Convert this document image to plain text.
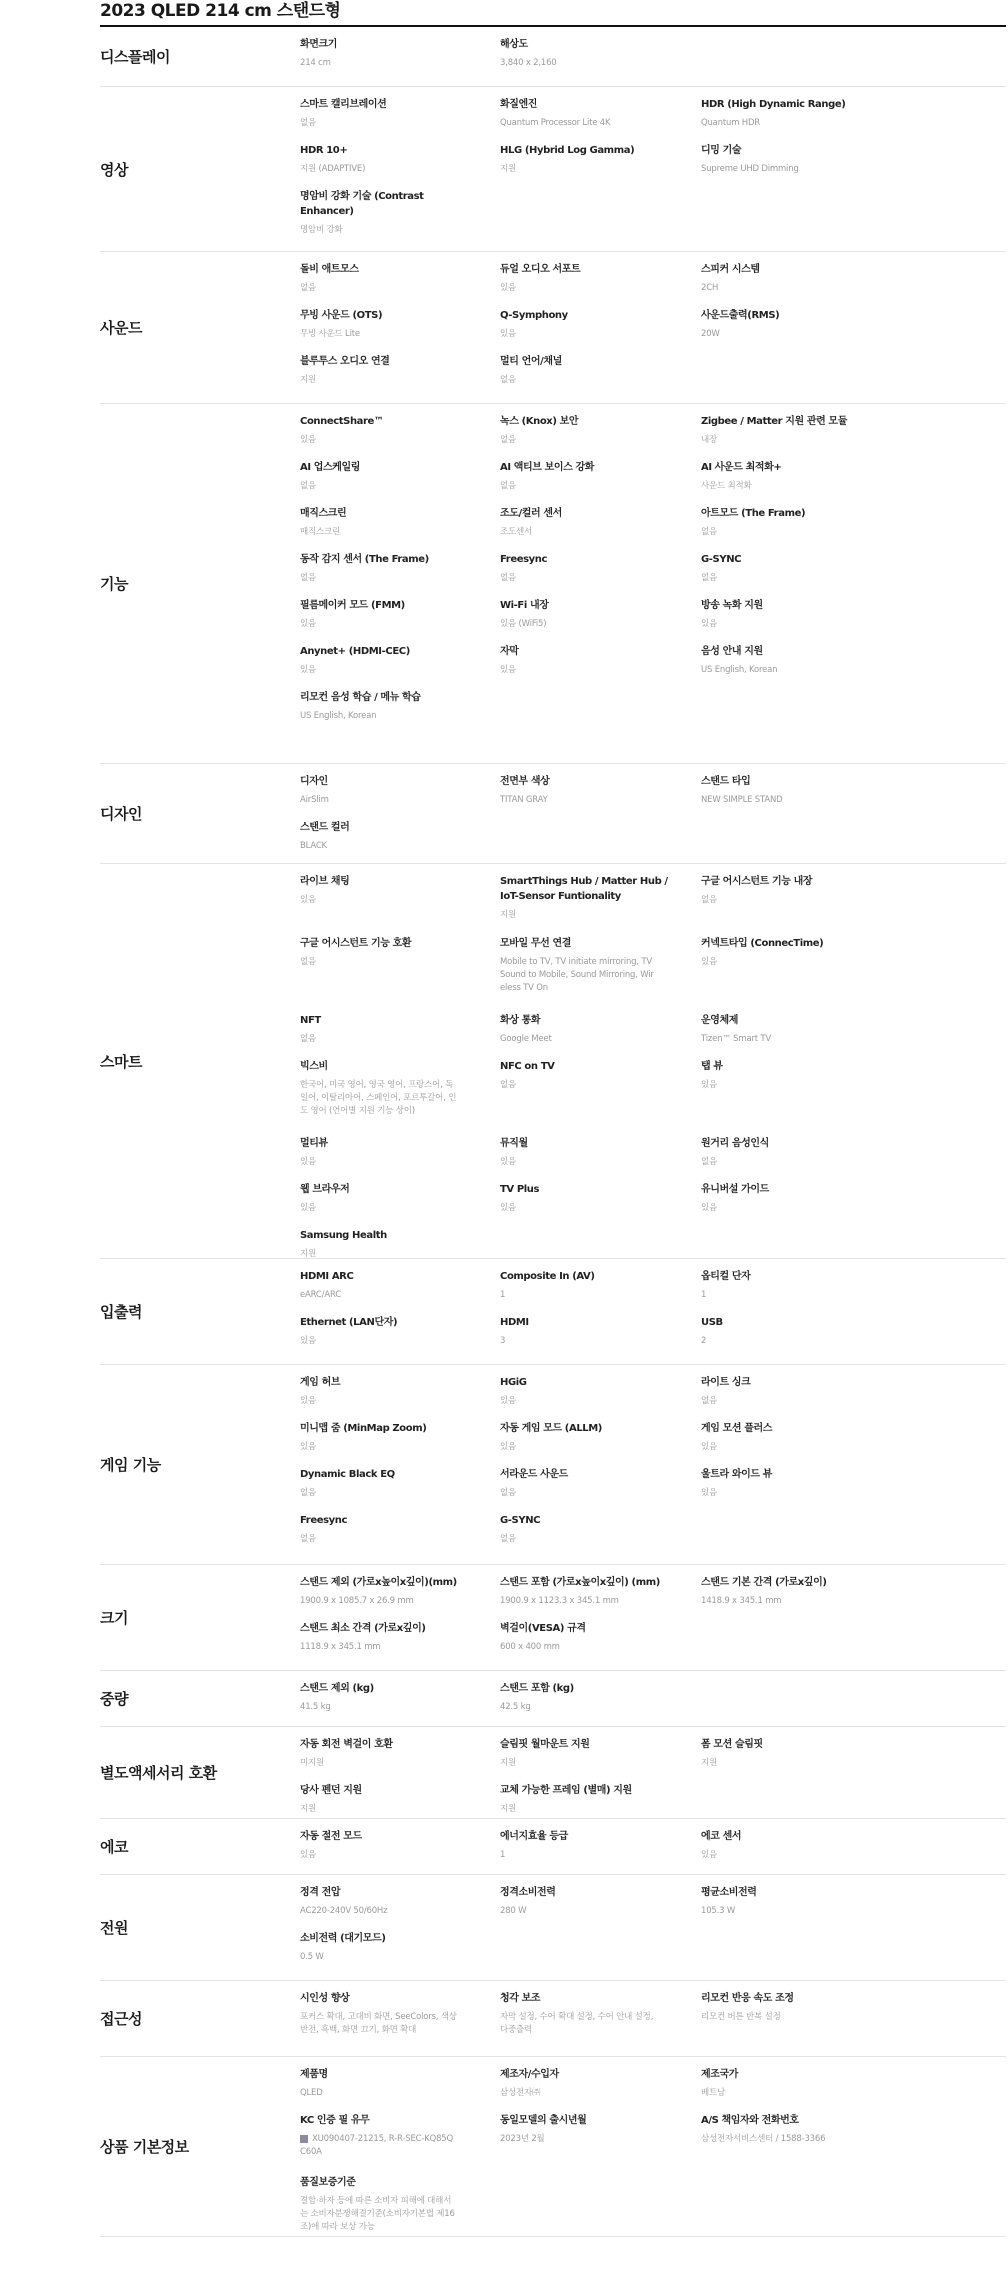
2023 QLED 214 cm 스탠드형
디스플레이
화면크기
214 cm
해상도
3,840 x 2,160
영상
스마트 캘리브레이션
없음
화질엔진
Quantum Processor Lite 4K
HDR (High Dynamic Range)
Quantum HDR
HDR 10+
지원 (ADAPTIVE)
HLG (Hybrid Log Gamma)
지원
디밍 기술
Supreme UHD Dimming
명암비 강화 기술 (Contrast
Enhancer)
명암비 강화
사운드
돌비 애트모스
없음
듀얼 오디오 서포트
있음
스피커 시스템
2CH
무빙 사운드 (OTS)
무빙 사운드 Lite
Q-Symphony
있음
사운드출력(RMS)
20W
블루투스 오디오 연결
지원
멀티 언어/채널
없음
기능
ConnectShare™
있음
녹스 (Knox) 보안
없음
Zigbee / Matter 지원 관련 모듈
내장
AI 업스케일링
없음
AI 액티브 보이스 강화
없음
AI 사운드 최적화+
사운드 최적화
매직스크린
매직스크린
조도/컬러 센서
조도센서
아트모드 (The Frame)
없음
동작 감지 센서 (The Frame)
없음
Freesync
없음
G-SYNC
없음
필름메이커 모드 (FMM)
있음
Wi-Fi 내장
있음 (WiFi5)
방송 녹화 지원
있음
Anynet+ (HDMI-CEC)
있음
자막
있음
음성 안내 지원
US English, Korean
리모컨 음성 학습 / 메뉴 학습
US English, Korean
디자인
디자인
AirSlim
전면부 색상
TITAN GRAY
스탠드 타입
NEW SIMPLE STAND
스탠드 컬러
BLACK
스마트
라이브 채팅
있음
SmartThings Hub / Matter Hub /
IoT-Sensor Funtionality
지원
구글 어시스턴트 기능 내장
없음
구글 어시스턴트 기능 호환
없음
모바일 무선 연결
Mobile to TV, TV initiate mirroring, TV
Sound to Mobile, Sound Mirroring, Wir
eless TV On
커넥트타입 (ConnecTime)
있음
NFT
없음
화상 통화
Google Meet
운영체제
Tizen™ Smart TV
빅스비
한국어, 미국 영어, 영국 영어, 프랑스어, 독
일어, 이탈리아어, 스페인어, 포르투갈어, 인
도 영어 (언어별 지원 기능 상이)
NFC on TV
없음
탭 뷰
있음
멀티뷰
있음
뮤직월
있음
원거리 음성인식
없음
웹 브라우저
있음
TV Plus
있음
유니버설 가이드
있음
Samsung Health
지원
입출력
HDMI ARC
eARC/ARC
Composite In (AV)
1
옵티컬 단자
1
Ethernet (LAN단자)
있음
HDMI
3
USB
2
게임 기능
게임 허브
있음
HGiG
있음
라이트 싱크
없음
미니맵 줌 (MinMap Zoom)
있음
자동 게임 모드 (ALLM)
있음
게임 모션 플러스
있음
Dynamic Black EQ
없음
서라운드 사운드
없음
울트라 와이드 뷰
있음
Freesync
없음
G-SYNC
없음
크기
스탠드 제외 (가로x높이x깊이)(mm)
1900.9 x 1085.7 x 26.9 mm
스탠드 포함 (가로x높이x깊이) (mm)
1900.9 x 1123.3 x 345.1 mm
스탠드 기본 간격 (가로x깊이)
1418.9 x 345.1 mm
스탠드 최소 간격 (가로x깊이)
1118.9 x 345.1 mm
벽걸이(VESA) 규격
600 x 400 mm
중량
스탠드 제외 (kg)
41.5 kg
스탠드 포함 (kg)
42.5 kg
별도액세서리 호환
자동 회전 벽걸이 호환
미지원
슬림핏 월마운트 지원
지원
폼 모션 슬림핏
지원
당사 펜던 지원
지원
교체 가능한 프레임 (별매) 지원
지원
에코
자동 절전 모드
있음
에너지효율 등급
1
에코 센서
있음
전원
정격 전압
AC220-240V 50/60Hz
정격소비전력
280 W
평균소비전력
105.3 W
소비전력 (대기모드)
0.5 W
접근성
시인성 향상
포커스 확대, 고대비 화면, SeeColors, 색상
반전, 흑백, 화면 끄기, 화면 확대
청각 보조
자막 설정, 수어 확대 설정, 수어 안내 설정,
다중출력
리모컨 반응 속도 조정
리모컨 버튼 반복 설정
상품 기본정보
제품명
QLED
제조자/수입자
삼성전자㈜
제조국가
베트남
KC 인증 필 유무
XU090407-21215, R-R-SEC-KQ85Q
C60A
동일모델의 출시년월
2023년 2월
A/S 책임자와 전화번호
삼성전자서비스센터 / 1588-3366
품질보증기준
결함·하자 등에 따른 소비자 피해에 대해서
는 소비자분쟁해결기준(소비자기본법 제16
조)에 따라 보상 가능
